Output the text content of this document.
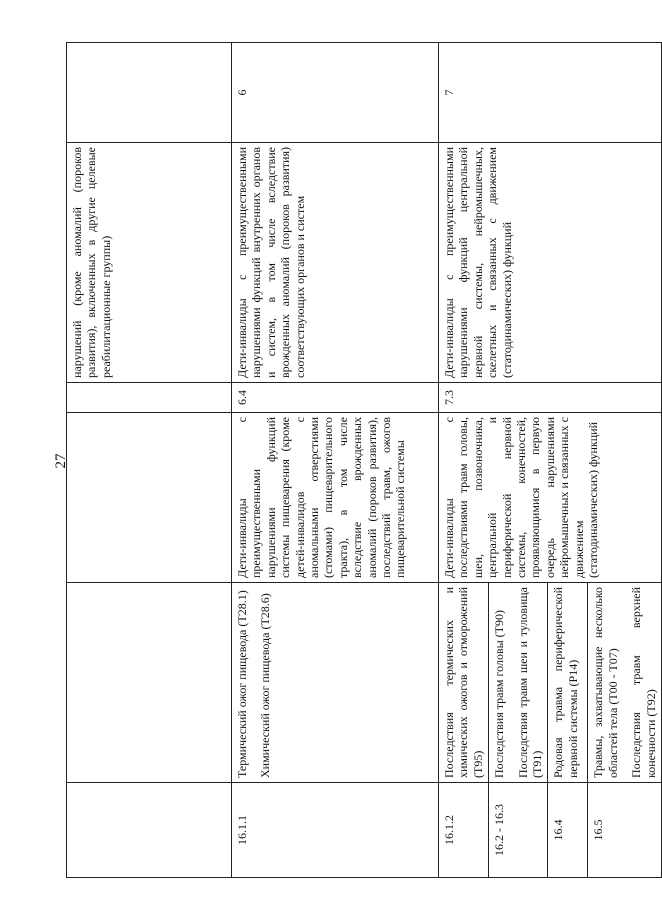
27
				нарушений (кроме аномалий (пороков развития), включенных в другие целевые реабилитационные группы)	
16.1.1	Термический ожог пищевода (T28.1) Химический ожог пищевода (T28.6)	Дети-инвалиды с преимущественными нарушениями функций системы пищеварения (кроме детей-инвалидов с аномальными отверстиями (стомами) пищеварительного тракта), в том числе вследствие врожденных аномалий (пороков развития), последствий травм, ожогов пищеварительной системы	6.4	Дети-инвалиды с преимущественными нарушениями функций внутренних органов и систем, в том числе вследствие врожденных аномалий (пороков развития) соответствующих органов и систем	6
16.1.2	Последствия термических и химических ожогов и отморожений (T95)	Дети-инвалиды с последствиями травм головы, шеи, позвоночника, центральной и периферической нервной системы, конечностей, проявляющимися в первую очередь нарушениями нейромышечных и связанных с движением (статодинамических) функций	7.3	Дети-инвалиды с преимущественными нарушениями функций центральной нервной системы, нейромышечных, скелетных и связанных с движением (статодинамических) функций	7
16.2 - 16.3	Последствия травм головы (T90) Последствия травм шеи и туловища (T91)				

16.4	Родовая травма периферической нервной системы (P14)				

16.5	Травмы, захватывающие несколько областей тела (T00 - T07) Последствия травм верхней конечности (T92)				
